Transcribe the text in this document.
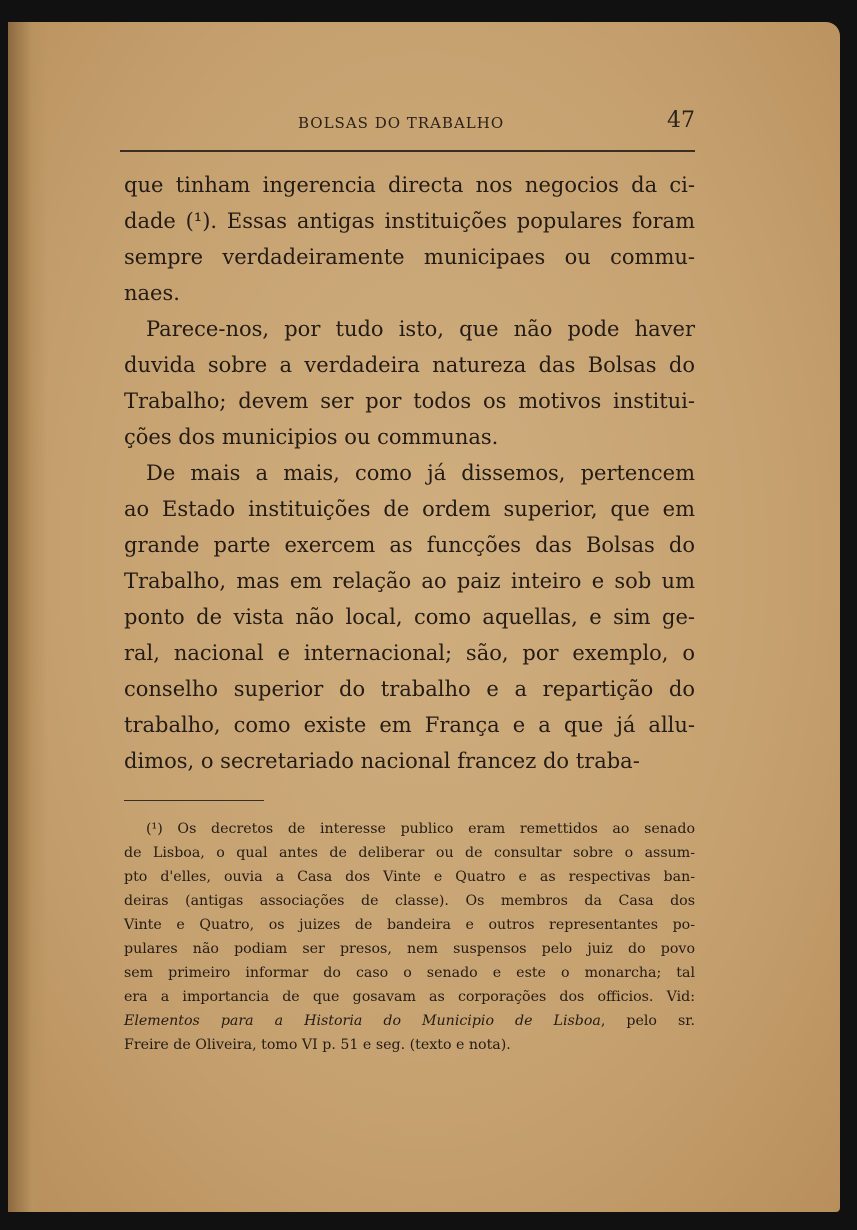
BOLSAS DO TRABALHO	47
que tinham ingerencia directa nos negocios da ci-
dade (¹). Essas antigas instituições populares foram
sempre verdadeiramente municipaes ou commu-
naes.
Parece-nos, por tudo isto, que não pode haver
duvida sobre a verdadeira natureza das Bolsas do
Trabalho; devem ser por todos os motivos institui-
ções dos municipios ou communas.
De mais a mais, como já dissemos, pertencem
ao Estado instituições de ordem superior, que em
grande parte exercem as funcções das Bolsas do
Trabalho, mas em relação ao paiz inteiro e sob um
ponto de vista não local, como aquellas, e sim ge-
ral, nacional e internacional; são, por exemplo, o
conselho superior do trabalho e a repartição do
trabalho, como existe em França e a que já allu-
dimos, o secretariado nacional francez do traba-
(¹) Os decretos de interesse publico eram remettidos ao senado
de Lisboa, o qual antes de deliberar ou de consultar sobre o assum-
pto d'elles, ouvia a Casa dos Vinte e Quatro e as respectivas ban-
deiras (antigas associações de classe). Os membros da Casa dos
Vinte e Quatro, os juizes de bandeira e outros representantes po-
pulares não podiam ser presos, nem suspensos pelo juiz do povo
sem primeiro informar do caso o senado e este o monarcha; tal
era a importancia de que gosavam as corporações dos officios. Vid:
Elementos para a Historia do Municipio de Lisboa, pelo sr.
Freire de Oliveira, tomo VI p. 51 e seg. (texto e nota).
